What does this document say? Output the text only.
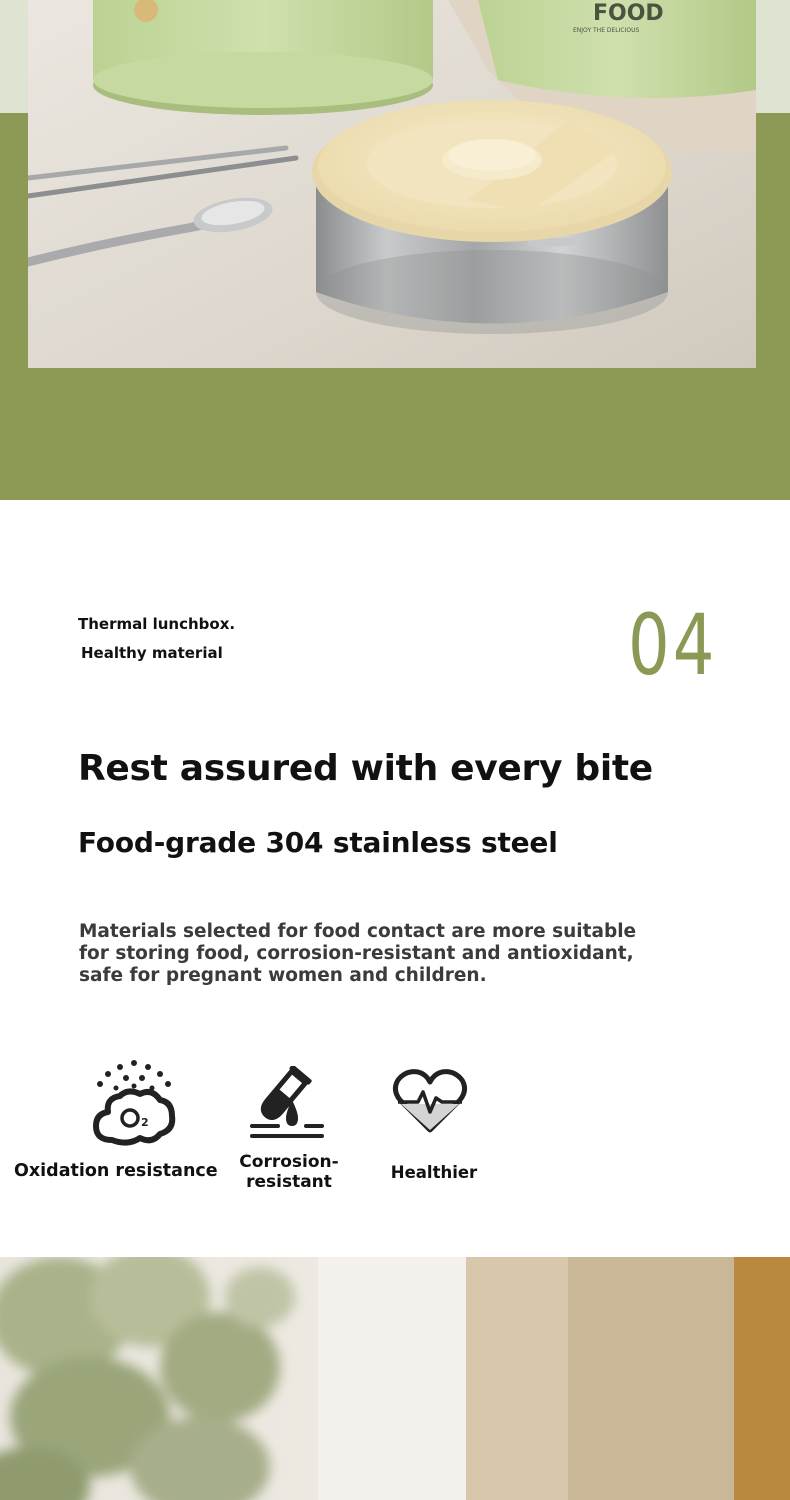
FOOD
ENJOY THE DELICIOUS
Thermal lunchbox.
Healthy material	04
Rest assured with every bite
Food-grade 304 stainless steel
Materials selected for food contact are more suitable for storing food, corrosion-resistant and antioxidant, safe for pregnant women and children.
2
Oxidation resistance	Corrosion-
resistant	Healthier
